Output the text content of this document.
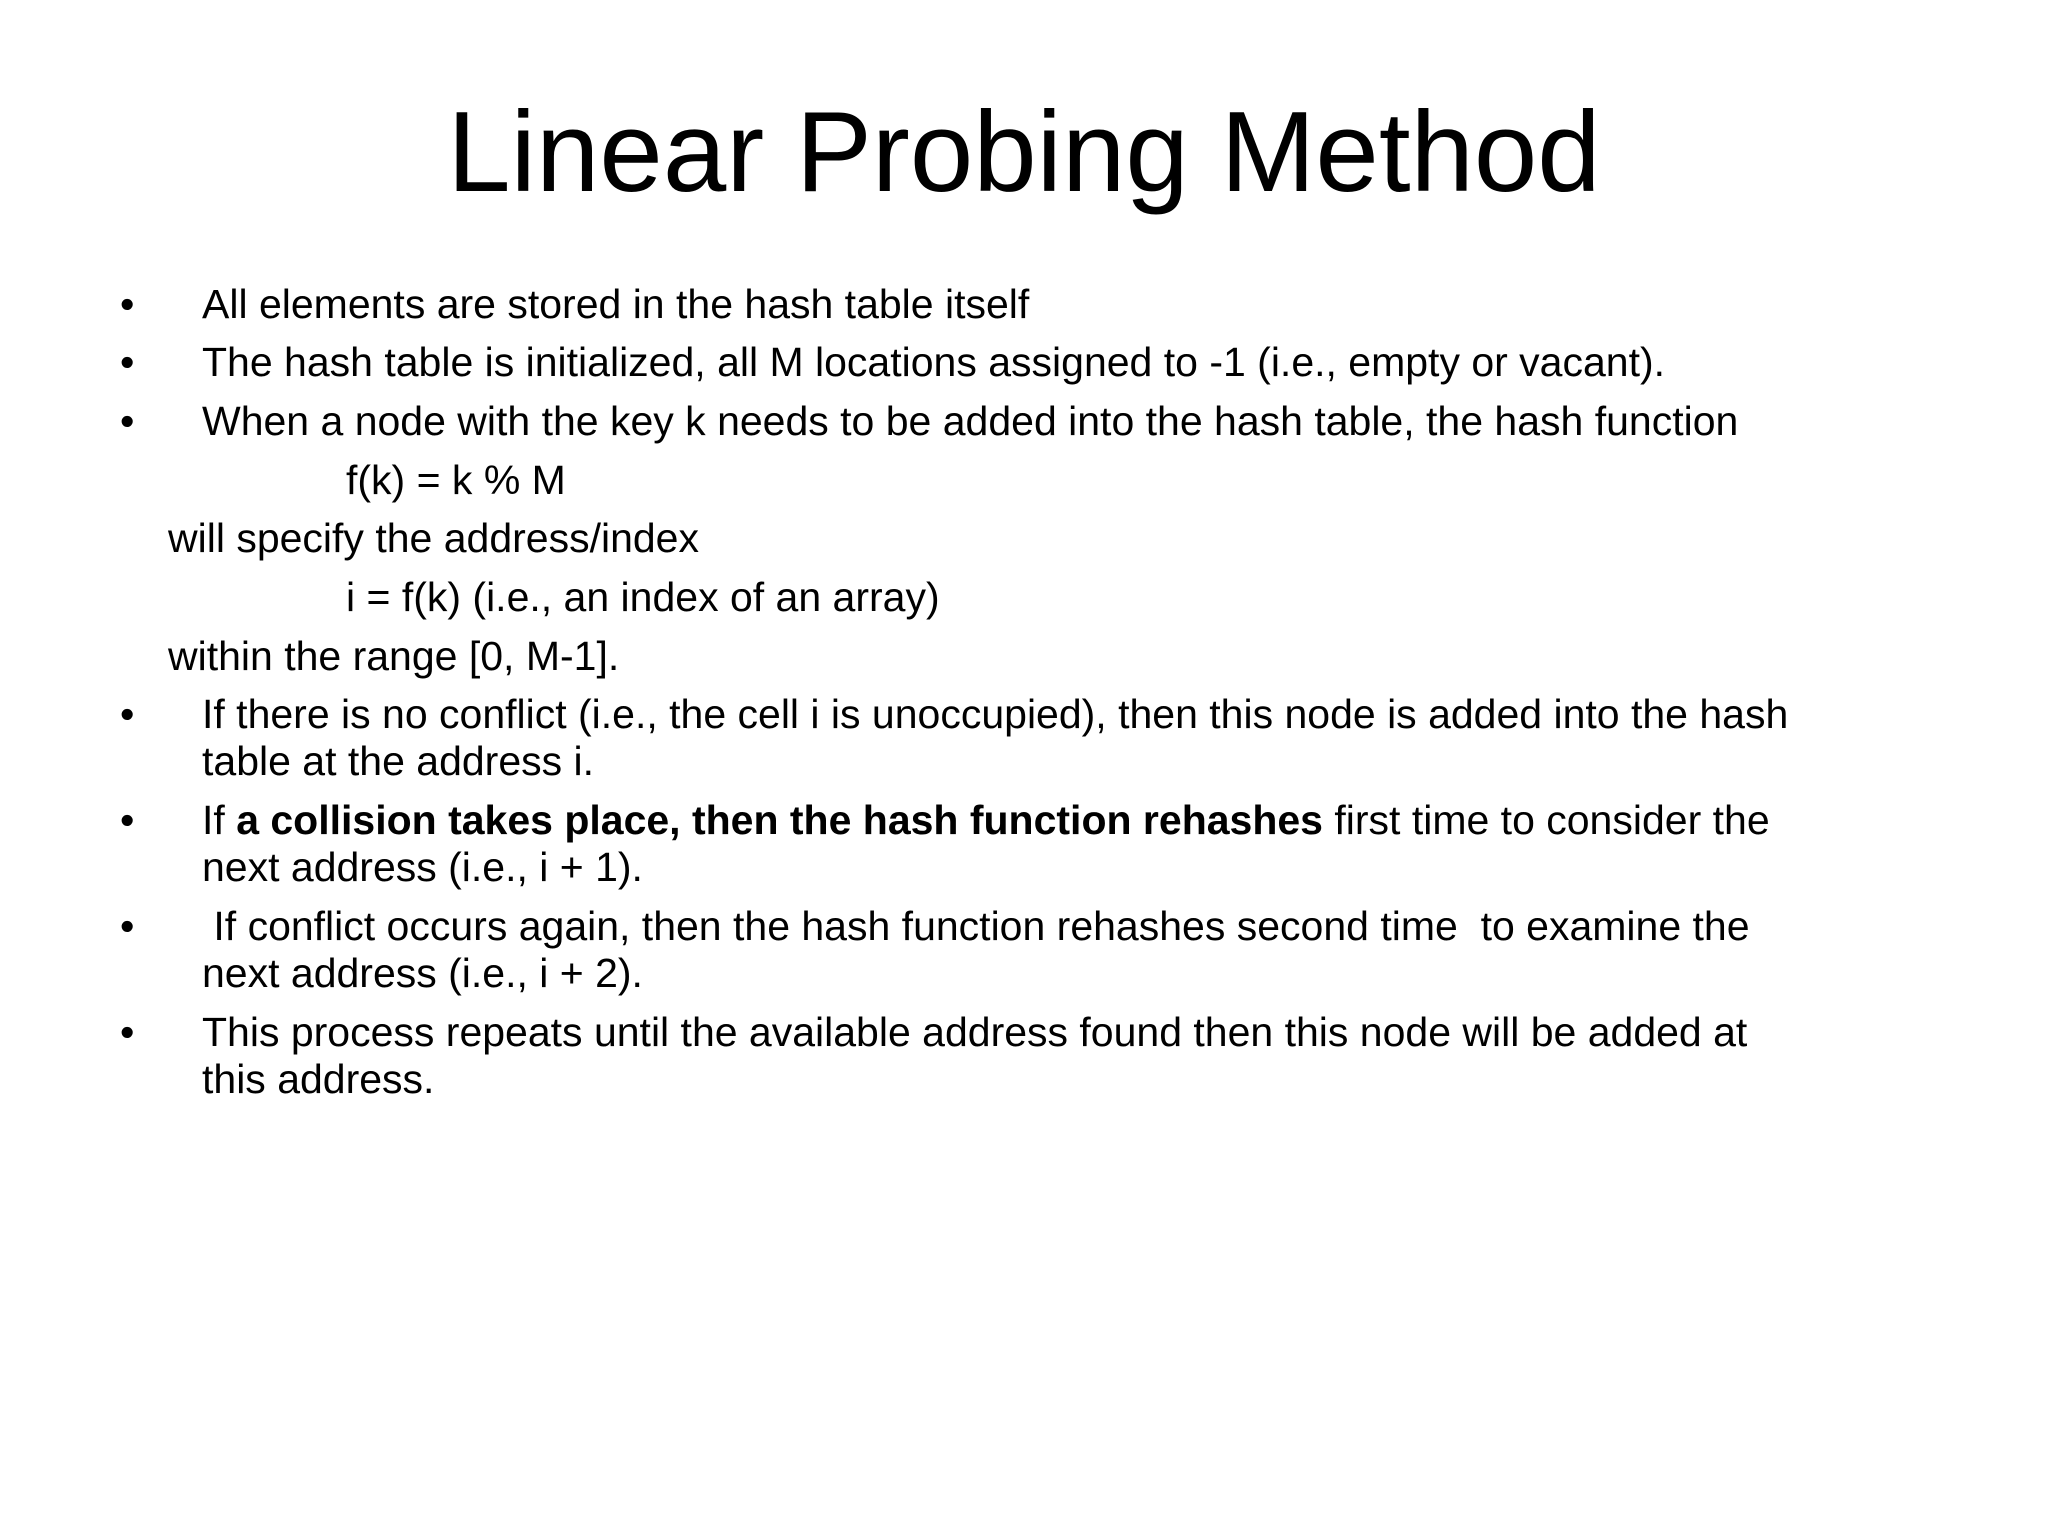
Linear Probing Method
• All elements are stored in the hash table itself
• The hash table is initialized, all M locations assigned to -1 (i.e., empty or vacant).
• When a node with the key k needs to be added into the hash table, the hash function
f(k) = k % M
will specify the address/index
i = f(k) (i.e., an index of an array)
within the range [0, M-1].
• If there is no conflict (i.e., the cell i is unoccupied), then this node is added into the hash
table at the address i.
• If a collision takes place, then the hash function rehashes first time to consider the
next address (i.e., i + 1).
• If conflict occurs again, then the hash function rehashes second time  to examine the
next address (i.e., i + 2).
• This process repeats until the available address found then this node will be added at
this address.
